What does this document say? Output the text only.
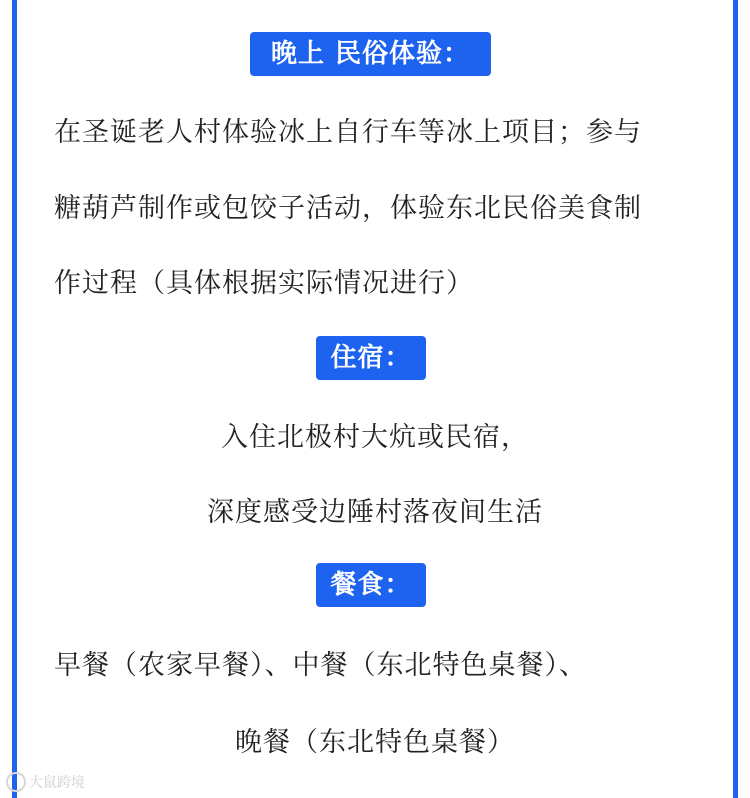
晚上 民俗体验：
在圣诞老人村体验冰上自行车等冰上项目；参与
糖葫芦制作或包饺子活动，体验东北民俗美食制
作过程（具体根据实际情况进行）
住宿：
入住北极村大炕或民宿，
深度感受边陲村落夜间生活
餐食：
早餐（农家早餐）、中餐（东北特色桌餐）、
晚餐（东北特色桌餐）
大鼠跨境
